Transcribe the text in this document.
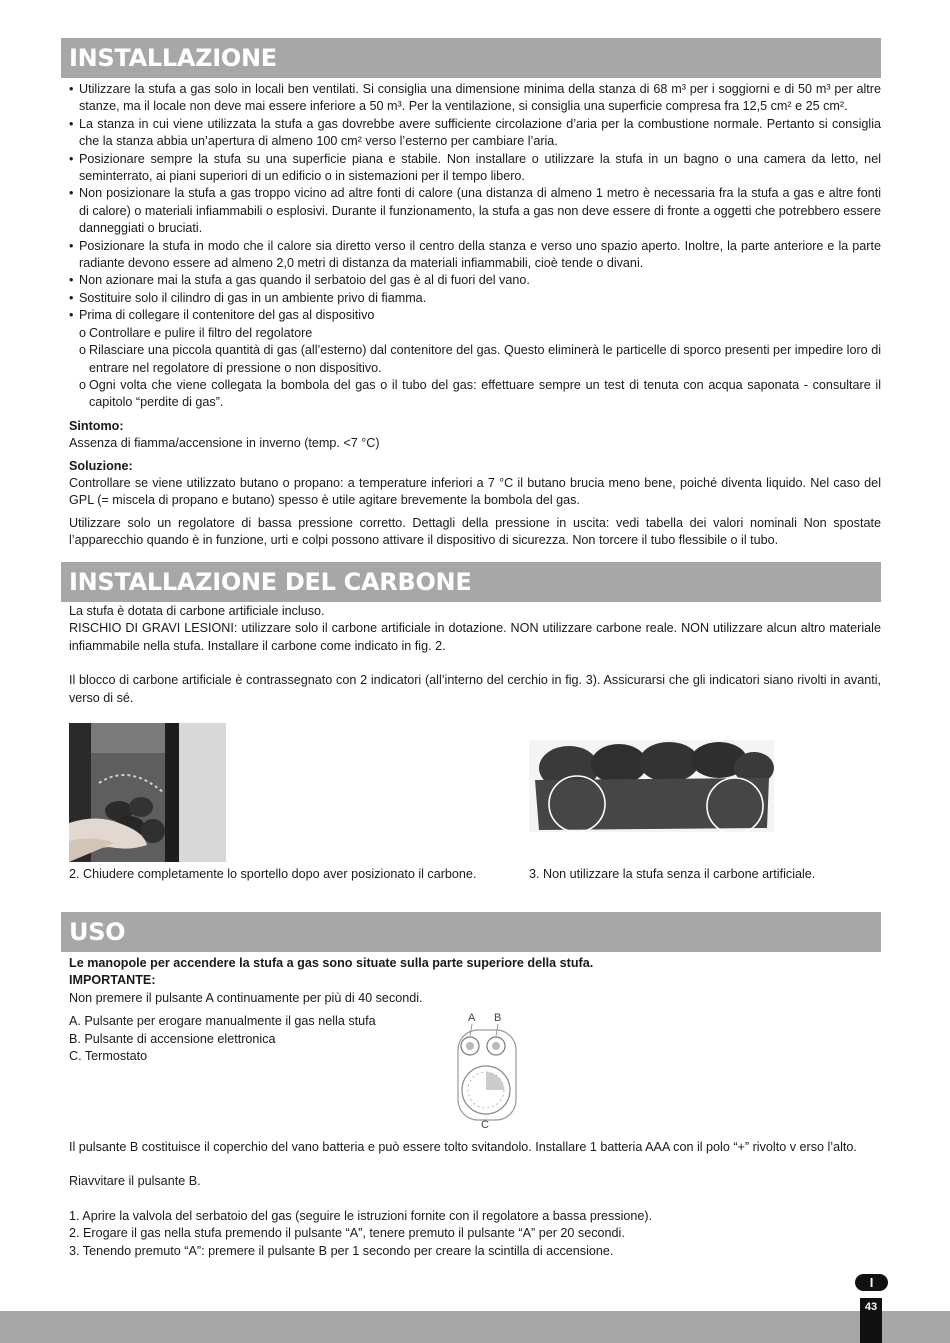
INSTALLAZIONE
• Utilizzare la stufa a gas solo in locali ben ventilati. Si consiglia una dimensione minima della stanza di 68 m³ per i soggiorni e di 50 m³ per altre stanze, ma il locale non deve mai essere inferiore a 50 m³. Per la ventilazione, si consiglia una superficie compresa fra 12,5 cm² e 25 cm².
• La stanza in cui viene utilizzata la stufa a gas dovrebbe avere sufficiente circolazione d’aria per la combustione normale. Pertanto si consiglia che la stanza abbia un’apertura di almeno 100 cm² verso l’esterno per cambiare l’aria.
• Posizionare sempre la stufa su una superficie piana e stabile. Non installare o utilizzare la stufa in un bagno o una camera da letto, nel seminterrato, ai piani superiori di un edificio o in sistemazioni per il tempo libero.
• Non posizionare la stufa a gas troppo vicino ad altre fonti di calore (una distanza di almeno 1 metro è necessaria fra la stufa a gas e altre fonti di calore) o materiali infiammabili o esplosivi. Durante il funzionamento, la stufa a gas non deve essere di fronte a oggetti che potrebbero essere danneggiati o bruciati.
• Posizionare la stufa in modo che il calore sia diretto verso il centro della stanza e verso uno spazio aperto. Inoltre, la parte anteriore e la parte radiante devono essere ad almeno 2,0 metri di distanza da materiali infiammabili, cioè tende o divani.
• Non azionare mai la stufa a gas quando il serbatoio del gas è al di fuori del vano.
• Sostituire solo il cilindro di gas in un ambiente privo di fiamma.
• Prima di collegare il contenitore del gas al dispositivo
o Controllare e pulire il filtro del regolatore
o Rilasciare una piccola quantità di gas (all’esterno) dal contenitore del gas. Questo eliminerà le particelle di sporco presenti per impedire loro di entrare nel regolatore di pressione o non dispositivo.
o Ogni volta che viene collegata la bombola del gas o il tubo del gas: effettuare sempre un test di tenuta con acqua saponata - consultare il capitolo “perdite di gas”.
Sintomo:
Assenza di fiamma/accensione in inverno (temp. <7 °C)
Soluzione:
Controllare se viene utilizzato butano o propano: a temperature inferiori a 7 °C il butano brucia meno bene, poiché diventa liquido. Nel caso del GPL (= miscela di propano e butano) spesso è utile agitare brevemente la bombola del gas.
Utilizzare solo un regolatore di bassa pressione corretto. Dettagli della pressione in uscita: vedi tabella dei valori nominali Non spostate l’apparecchio quando è in funzione, urti e colpi possono attivare il dispositivo di sicurezza. Non torcere il tubo flessibile o il tubo.
INSTALLAZIONE DEL CARBONE
La stufa è dotata di carbone artificiale incluso.
RISCHIO DI GRAVI LESIONI: utilizzare solo il carbone artificiale in dotazione. NON utilizzare carbone reale. NON utilizzare alcun altro materiale infiammabile nella stufa. Installare il carbone come indicato in fig. 2.
Il blocco di carbone artificiale è contrassegnato con 2 indicatori (all’interno del cerchio in fig. 3). Assicurarsi che gli indicatori siano rivolti in avanti, verso di sé.
2. Chiudere completamente lo sportello dopo aver posizionato il carbone.	3. Non utilizzare la stufa senza il carbone artificiale.
USO
Le manopole per accendere la stufa a gas sono situate sulla parte superiore della stufa.
IMPORTANTE:
Non premere il pulsante A continuamente per più di 40 secondi.
A. Pulsante per erogare manualmente il gas nella stufa
B. Pulsante di accensione elettronica
C. Termostato
A B
C
Il pulsante B costituisce il coperchio del vano batteria e può essere tolto svitandolo. Installare 1 batteria AAA con il polo “+” rivolto v erso l’alto.
Riavvitare il pulsante B.
1. Aprire la valvola del serbatoio del gas (seguire le istruzioni fornite con il regolatore a bassa pressione).
2. Erogare il gas nella stufa premendo il pulsante “A”, tenere premuto il pulsante “A” per 20 secondi.
3. Tenendo premuto “A”: premere il pulsante B per 1 secondo per creare la scintilla di accensione.
I
43
